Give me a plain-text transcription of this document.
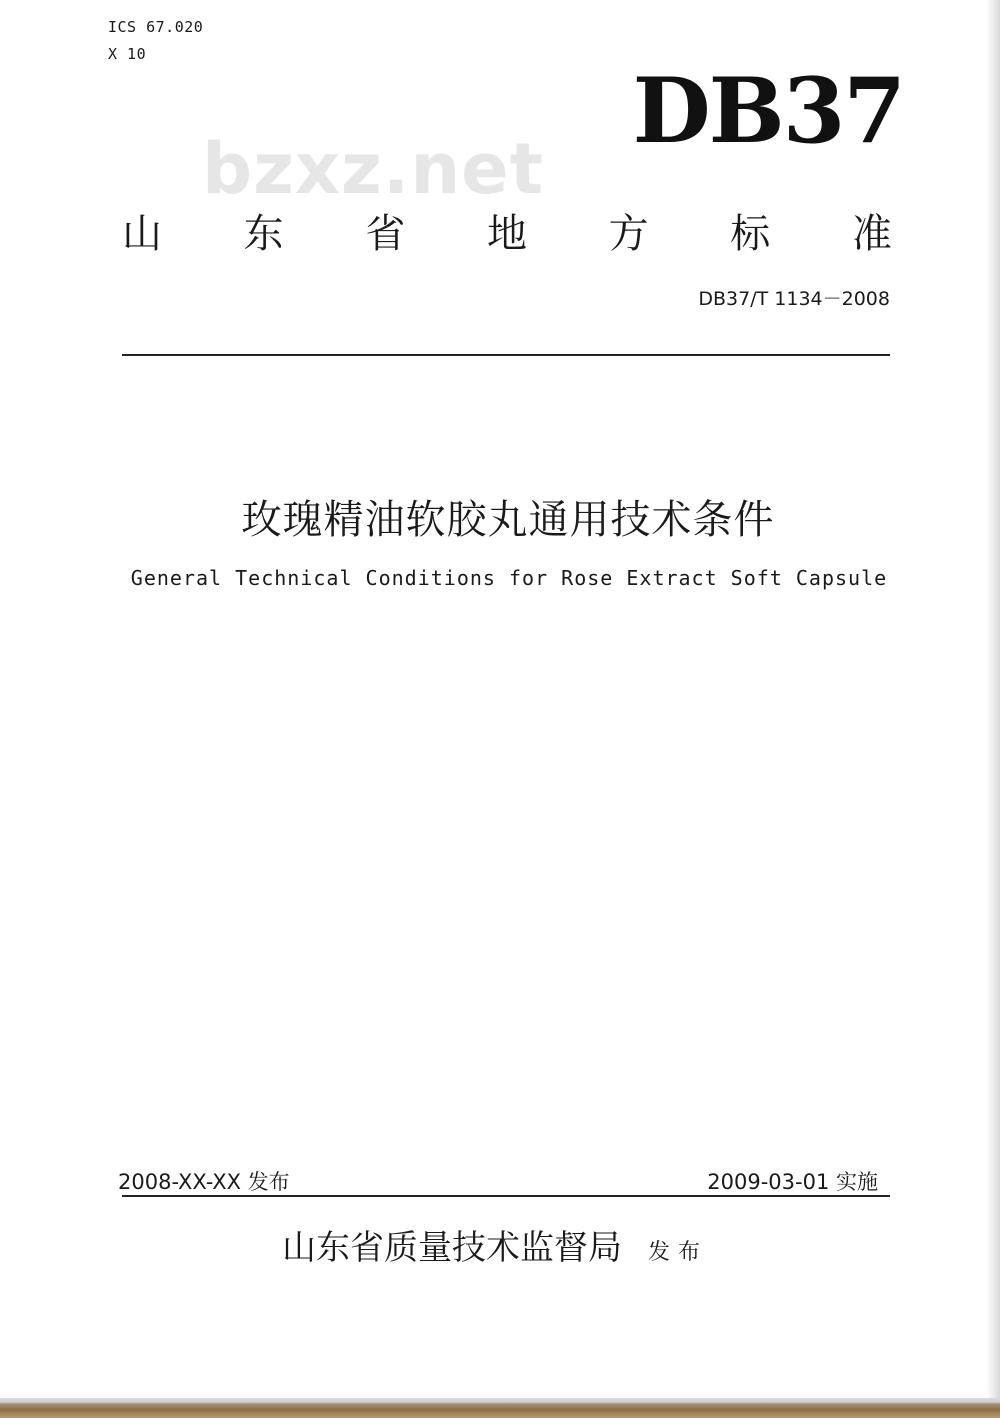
ICS 67.020
X 10
DB37
bzxz.net
山 东 省 地 方 标 准
DB37/T 1134－2008
玫瑰精油软胶丸通用技术条件
General Technical Conditions for Rose Extract Soft Capsule
2008-XX-XX 发布	2009-03-01 实施
山东省质量技术监督局 发布
